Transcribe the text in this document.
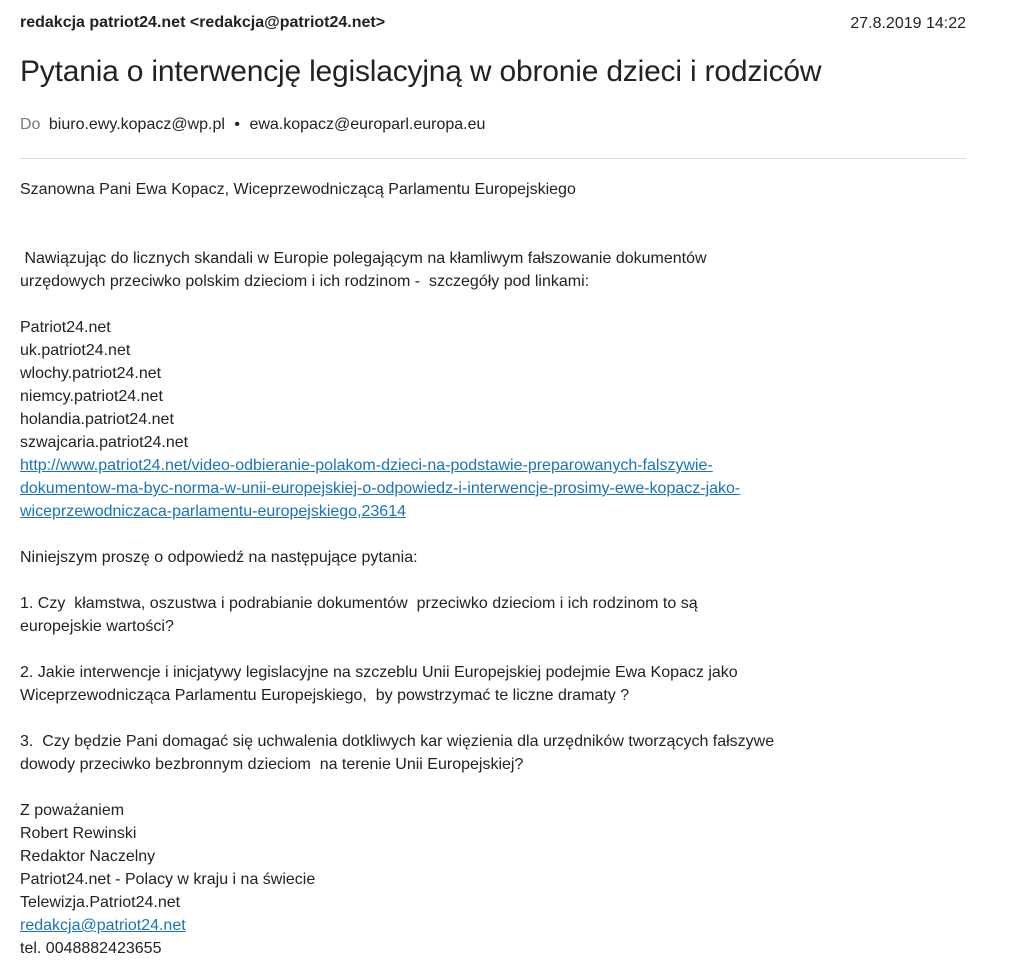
redakcja patriot24.net <redakcja@patriot24.net>	27.8.2019 14:22
Pytania o interwencję legislacyjną w obronie dzieci i rodziców
Do biuro.ewy.kopacz@wp.pl • ewa.kopacz@europarl.europa.eu

Szanowna Pani Ewa Kopacz, Wiceprzewodniczącą Parlamentu Europejskiego

Nawiązując do licznych skandali w Europie polegającym na kłamliwym fałszowanie dokumentów

urzędowych przeciwko polskim dzieciom i ich rodzinom -  szczegóły pod linkami:

Patriot24.net
uk.patriot24.net
wlochy.patriot24.net
niemcy.patriot24.net
holandia.patriot24.net
szwajcaria.patriot24.net
http://www.patriot24.net/video-odbieranie-polakom-dzieci-na-podstawie-preparowanych-falszywie-
dokumentow-ma-byc-norma-w-unii-europejskiej-o-odpowiedz-i-interwencje-prosimy-ewe-kopacz-jako-
wiceprzewodniczaca-parlamentu-europejskiego,23614

Niniejszym proszę o odpowiedź na następujące pytania:

1. Czy  kłamstwa, oszustwa i podrabianie dokumentów  przeciwko dzieciom i ich rodzinom to są

europejskie wartości?

2. Jakie interwencje i inicjatywy legislacyjne na szczeblu Unii Europejskiej podejmie Ewa Kopacz jako

Wiceprzewodnicząca Parlamentu Europejskiego,  by powstrzymać te liczne dramaty ?

3.  Czy będzie Pani domagać się uchwalenia dotkliwych kar więzienia dla urzędników tworzących fałszywe

dowody przeciwko bezbronnym dzieciom  na terenie Unii Europejskiej?

Z poważaniem

Robert Rewinski

Redaktor Naczelny

Patriot24.net - Polacy w kraju i na świecie

Telewizja.Patriot24.net

redakcja@patriot24.net

tel. 0048882423655
